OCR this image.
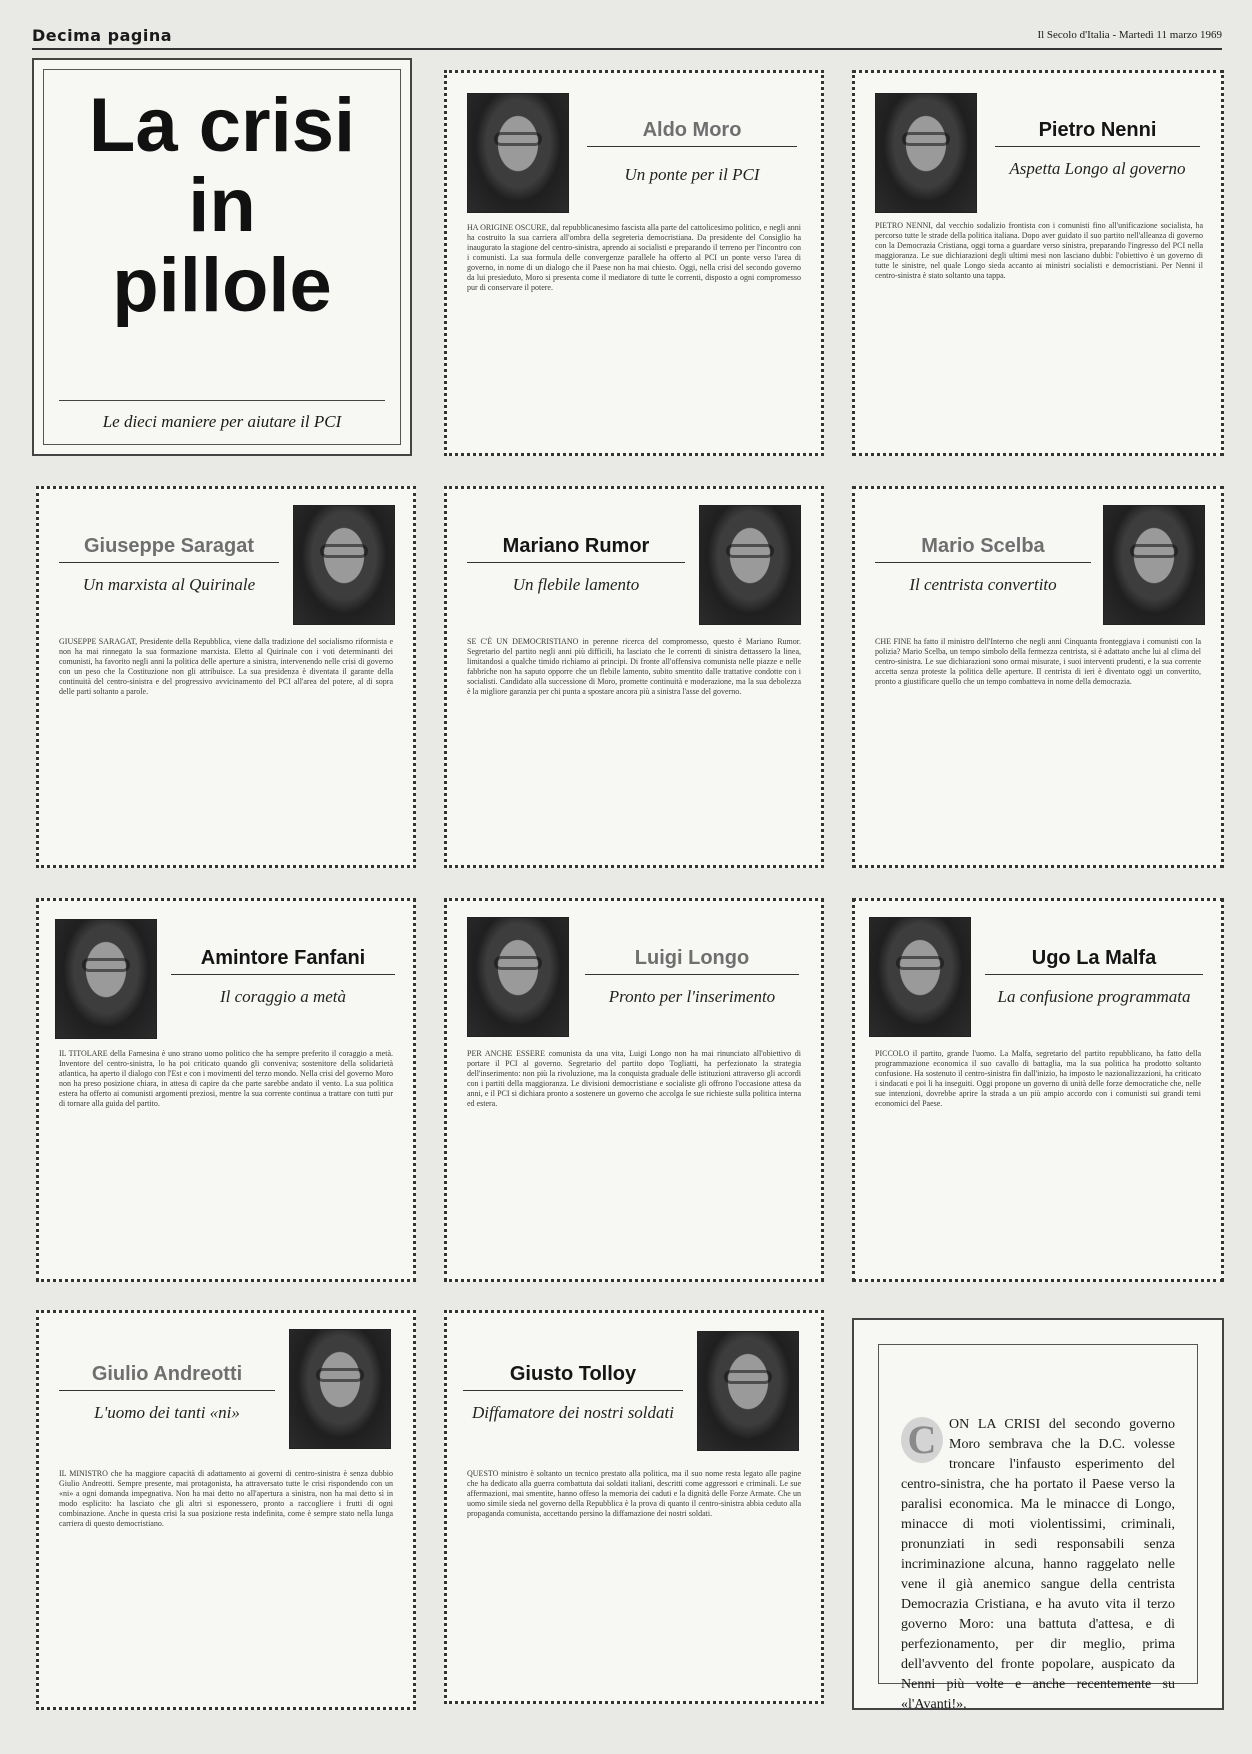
Decima pagina	Il Secolo d'Italia - Martedì 11 marzo 1969
La crisi
in
pillole
Le dieci maniere per aiutare il PCI
Aldo Moro
Un ponte per il PCI
HA ORIGINE OSCURE, dal repubblicanesimo fascista alla parte del cattolicesimo politico, e negli anni ha costruito la sua carriera all'ombra della segreteria democristiana. Da presidente del Consiglio ha inaugurato la stagione del centro-sinistra, aprendo ai socialisti e preparando il terreno per l'incontro con i comunisti. La sua formula delle convergenze parallele ha offerto al PCI un ponte verso l'area di governo, in nome di un dialogo che il Paese non ha mai chiesto. Oggi, nella crisi del secondo governo da lui presieduto, Moro si presenta come il mediatore di tutte le correnti, disposto a ogni compromesso pur di conservare il potere.
Pietro Nenni
Aspetta Longo al governo
PIETRO NENNI, dal vecchio sodalizio frontista con i comunisti fino all'unificazione socialista, ha percorso tutte le strade della politica italiana. Dopo aver guidato il suo partito nell'alleanza di governo con la Democrazia Cristiana, oggi torna a guardare verso sinistra, preparando l'ingresso del PCI nella maggioranza. Le sue dichiarazioni degli ultimi mesi non lasciano dubbi: l'obiettivo è un governo di tutte le sinistre, nel quale Longo sieda accanto ai ministri socialisti e democristiani. Per Nenni il centro-sinistra è stato soltanto una tappa.
Giuseppe Saragat
Un marxista al Quirinale
GIUSEPPE SARAGAT, Presidente della Repubblica, viene dalla tradizione del socialismo riformista e non ha mai rinnegato la sua formazione marxista. Eletto al Quirinale con i voti determinanti dei comunisti, ha favorito negli anni la politica delle aperture a sinistra, intervenendo nelle crisi di governo con un peso che la Costituzione non gli attribuisce. La sua presidenza è diventata il garante della continuità del centro-sinistra e del progressivo avvicinamento del PCI all'area del potere, al di sopra delle parti soltanto a parole.
Mariano Rumor
Un flebile lamento
SE C'È UN DEMOCRISTIANO in perenne ricerca del compromesso, questo è Mariano Rumor. Segretario del partito negli anni più difficili, ha lasciato che le correnti di sinistra dettassero la linea, limitandosi a qualche timido richiamo ai principi. Di fronte all'offensiva comunista nelle piazze e nelle fabbriche non ha saputo opporre che un flebile lamento, subito smentito dalle trattative condotte con i socialisti. Candidato alla successione di Moro, promette continuità e moderazione, ma la sua debolezza è la migliore garanzia per chi punta a spostare ancora più a sinistra l'asse del governo.
Mario Scelba
Il centrista convertito
CHE FINE ha fatto il ministro dell'Interno che negli anni Cinquanta fronteggiava i comunisti con la polizia? Mario Scelba, un tempo simbolo della fermezza centrista, si è adattato anche lui al clima del centro-sinistra. Le sue dichiarazioni sono ormai misurate, i suoi interventi prudenti, e la sua corrente accetta senza proteste la politica delle aperture. Il centrista di ieri è diventato oggi un convertito, pronto a giustificare quello che un tempo combatteva in nome della democrazia.
Amintore Fanfani
Il coraggio a metà
IL TITOLARE della Farnesina è uno strano uomo politico che ha sempre preferito il coraggio a metà. Inventore del centro-sinistra, lo ha poi criticato quando gli conveniva; sostenitore della solidarietà atlantica, ha aperto il dialogo con l'Est e con i movimenti del terzo mondo. Nella crisi del governo Moro non ha preso posizione chiara, in attesa di capire da che parte sarebbe andato il vento. La sua politica estera ha offerto ai comunisti argomenti preziosi, mentre la sua corrente continua a trattare con tutti pur di tornare alla guida del partito.
Luigi Longo
Pronto per l'inserimento
PER ANCHE ESSERE comunista da una vita, Luigi Longo non ha mai rinunciato all'obiettivo di portare il PCI al governo. Segretario del partito dopo Togliatti, ha perfezionato la strategia dell'inserimento: non più la rivoluzione, ma la conquista graduale delle istituzioni attraverso gli accordi con i partiti della maggioranza. Le divisioni democristiane e socialiste gli offrono l'occasione attesa da anni, e il PCI si dichiara pronto a sostenere un governo che accolga le sue richieste sulla politica interna ed estera.
Ugo La Malfa
La confusione programmata
PICCOLO il partito, grande l'uomo. La Malfa, segretario del partito repubblicano, ha fatto della programmazione economica il suo cavallo di battaglia, ma la sua politica ha prodotto soltanto confusione. Ha sostenuto il centro-sinistra fin dall'inizio, ha imposto le nazionalizzazioni, ha criticato i sindacati e poi li ha inseguiti. Oggi propone un governo di unità delle forze democratiche che, nelle sue intenzioni, dovrebbe aprire la strada a un più ampio accordo con i comunisti sui grandi temi economici del Paese.
Giulio Andreotti
L'uomo dei tanti «ni»
IL MINISTRO che ha maggiore capacità di adattamento ai governi di centro-sinistra è senza dubbio Giulio Andreotti. Sempre presente, mai protagonista, ha attraversato tutte le crisi rispondendo con un «ni» a ogni domanda impegnativa. Non ha mai detto no all'apertura a sinistra, non ha mai detto sì in modo esplicito: ha lasciato che gli altri si esponessero, pronto a raccogliere i frutti di ogni combinazione. Anche in questa crisi la sua posizione resta indefinita, come è sempre stato nella lunga carriera di questo democristiano.
Giusto Tolloy
Diffamatore dei nostri soldati
QUESTO ministro è soltanto un tecnico prestato alla politica, ma il suo nome resta legato alle pagine che ha dedicato alla guerra combattuta dai soldati italiani, descritti come aggressori e criminali. Le sue affermazioni, mai smentite, hanno offeso la memoria dei caduti e la dignità delle Forze Armate. Che un uomo simile sieda nel governo della Repubblica è la prova di quanto il centro-sinistra abbia ceduto alla propaganda comunista, accettando persino la diffamazione dei nostri soldati.
C ON LA CRISI del secondo governo Moro sembrava che la D.C. volesse troncare l'infausto esperimento del centro-sinistra, che ha portato il Paese verso la paralisi economica. Ma le minacce di Longo, minacce di moti violentissimi, criminali, pronunziati in sedi responsabili senza incriminazione alcuna, hanno raggelato nelle vene il già anemico sangue della centrista Democrazia Cristiana, e ha avuto vita il terzo governo Moro: una battuta d'attesa, e di perfezionamento, per dir meglio, prima dell'avvento del fronte popolare, auspicato da Nenni più volte e anche recentemente su «l'Avanti!».
